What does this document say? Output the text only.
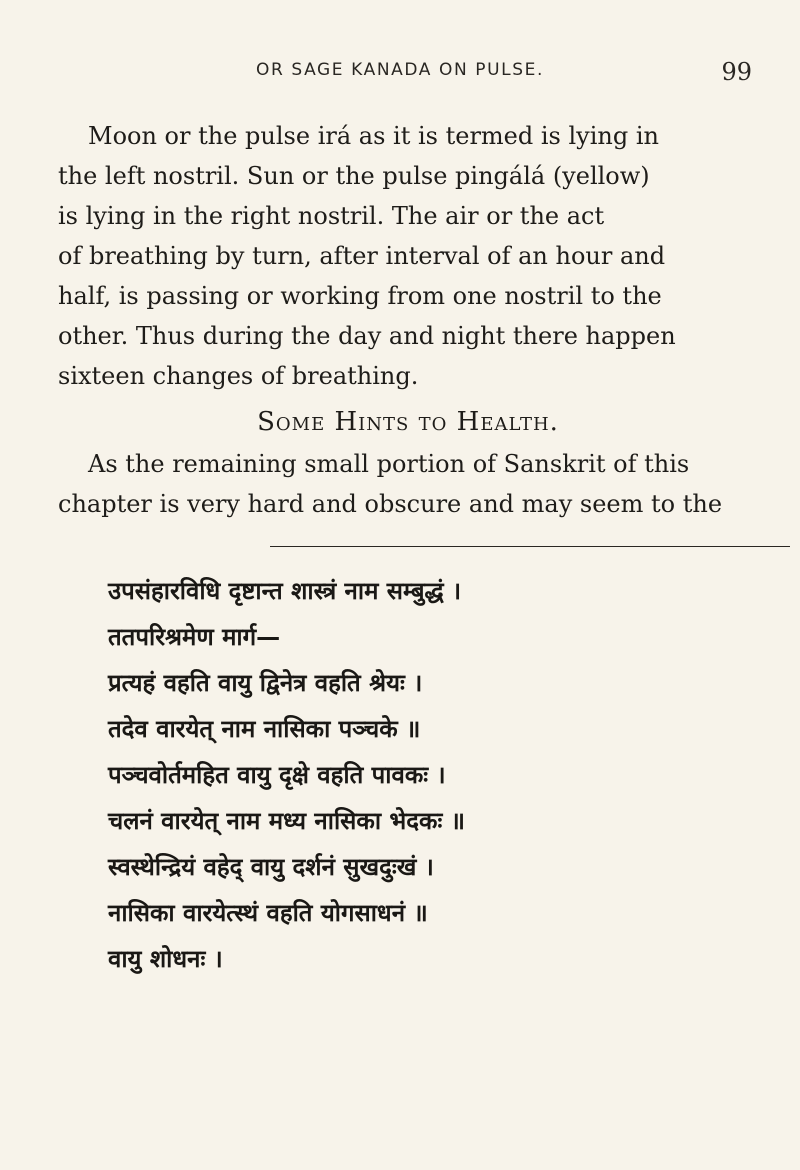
OR SAGE KANADA ON PULSE.	99
Moon or the pulse irá as it is termed is lying in
the left nostril. Sun or the pulse pingálá (yellow)
is lying in the right nostril. The air or the act
of breathing by turn, after interval of an hour and
half, is passing or working from one nostril to the
other. Thus during the day and night there happen
sixteen changes of breathing.
Some Hints to Health.
As the remaining small portion of Sanskrit of this
chapter is very hard and obscure and may seem to the
उपसंहारविधि दृष्टान्त शास्त्रं नाम सम्बुद्धं ।
ततपरिश्रमेण मार्ग—
प्रत्यहं वहति वायु द्विनेत्र वहति श्रेयः ।
तदेव वारयेत् नाम नासिका पञ्चके ॥
पञ्चवोर्तमहित वायु दृक्षे वहति पावकः ।
चलनं वारयेत् नाम मध्य नासिका भेदकः ॥
स्वस्थेन्द्रियं वहेद् वायु दर्शनं सुखदुःखं ।
नासिका वारयेत्स्थं वहति योगसाधनं ॥
वायु शोधनः ।
